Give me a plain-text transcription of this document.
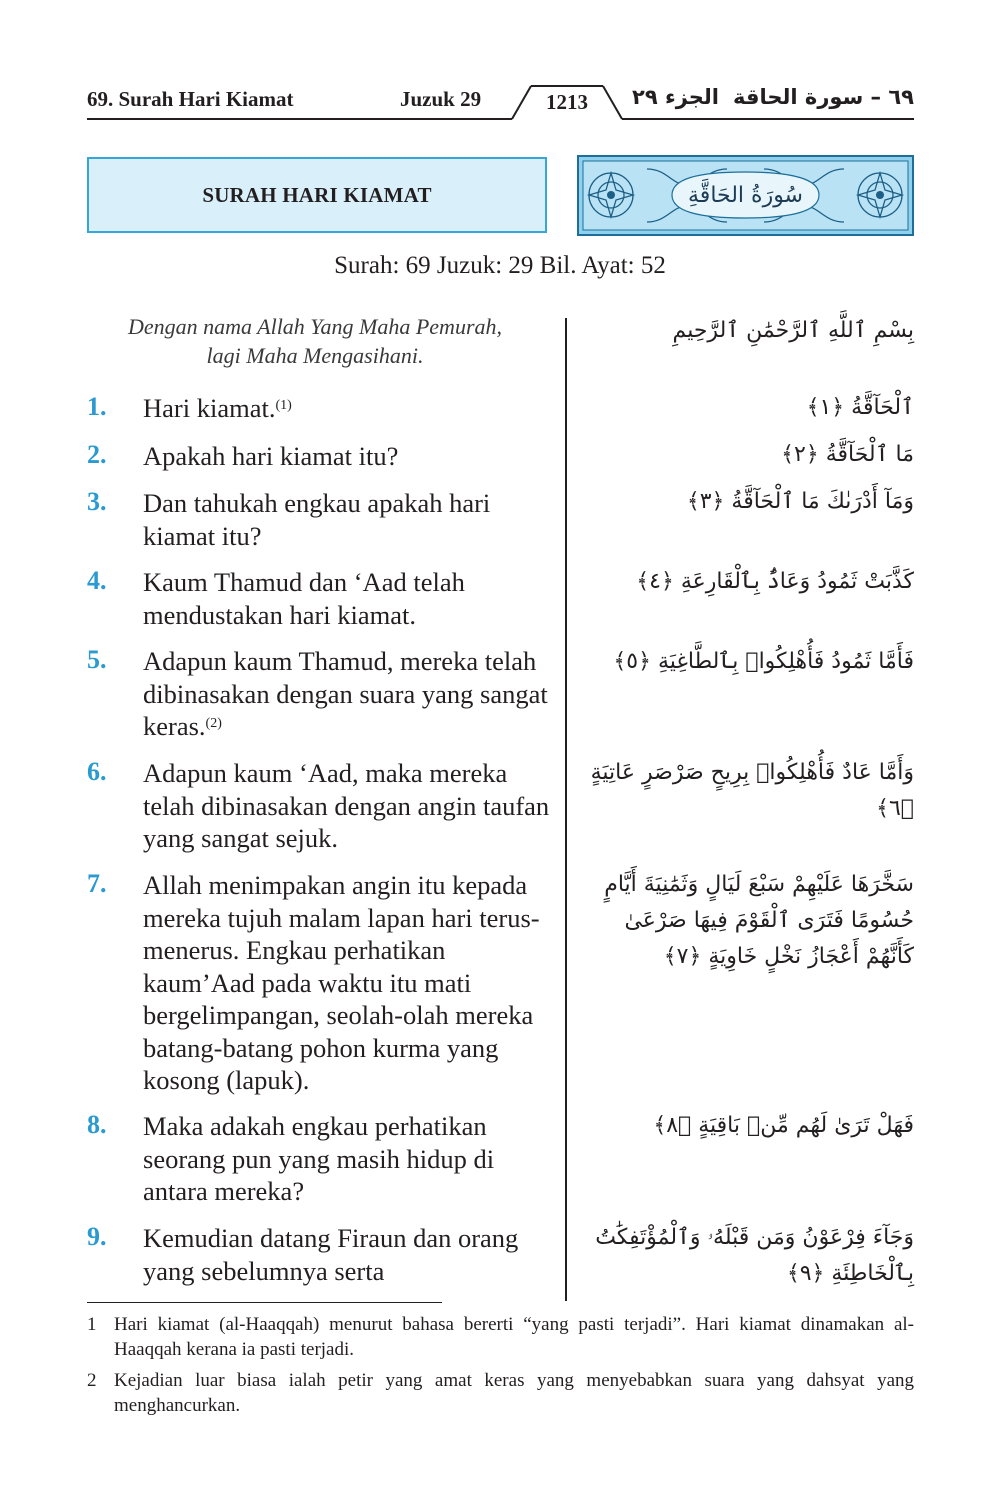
69. Surah Hari Kiamat	Juzuk 29	1213	الجزء ٢٩ ٦٩ – سورة الحاقة
SURAH HARI KIAMAT	سُورَةُ الحَاقَّةِ
Surah: 69 Juzuk: 29 Bil. Ayat: 52
Dengan nama Allah Yang Maha Pemurah,
lagi Maha Mengasihani.
بِسْمِ ٱللَّهِ ٱلرَّحْمَٰنِ ٱلرَّحِيمِ
1.	Hari kiamat.$^{(1)}$	ٱلْحَآقَّةُ ﴿١﴾
2.	Apakah hari kiamat itu?	مَا ٱلْحَآقَّةُ ﴿٢﴾
3.	Dan tahukah engkau apakah hari kiamat itu?
وَمَآ أَدْرَىٰكَ مَا ٱلْحَآقَّةُ ﴿٣﴾
4.	Kaum Thamud dan ‘Aad telah mendustakan hari kiamat.
كَذَّبَتْ ثَمُودُ وَعَادٌۢ بِٱلْقَارِعَةِ ﴿٤﴾
5.	Adapun kaum Thamud, mereka telah dibinasakan dengan suara yang sangat keras.$^{(2)}$
فَأَمَّا ثَمُودُ فَأُهْلِكُوا۟ بِٱلطَّاغِيَةِ ﴿٥﴾
6.	Adapun kaum ‘Aad, maka mereka telah dibinasakan dengan angin taufan yang sangat sejuk.
وَأَمَّا عَادٌ فَأُهْلِكُوا۟ بِرِيحٍ صَرْصَرٍ عَاتِيَةٍ ﴿٦﴾
7.	Allah menimpakan angin itu kepada mereka tujuh malam lapan hari terus-menerus. Engkau perhatikan kaum’Aad pada waktu itu mati bergelimpangan, seolah-olah mereka batang-batang pohon kurma yang kosong (lapuk).
سَخَّرَهَا عَلَيْهِمْ سَبْعَ لَيَالٍ وَثَمَٰنِيَةَ أَيَّامٍ حُسُومًا فَتَرَى ٱلْقَوْمَ فِيهَا صَرْعَىٰ كَأَنَّهُمْ أَعْجَازُ نَخْلٍ خَاوِيَةٍ ﴿٧﴾
8.	Maka adakah engkau perhatikan seorang pun yang masih hidup di antara mereka?
فَهَلْ تَرَىٰ لَهُم مِّنۢ بَاقِيَةٍ ﴿٨﴾
9.	Kemudian datang Firaun dan orang yang sebelumnya serta
وَجَآءَ فِرْعَوْنُ وَمَن قَبْلَهُۥ وَٱلْمُؤْتَفِكَٰتُ بِٱلْخَاطِئَةِ ﴿٩﴾
1 Hari kiamat (al-Haaqqah) menurut bahasa bererti “yang pasti terjadi”. Hari kiamat dinamakan al-Haaqqah kerana ia pasti terjadi.
2 Kejadian luar biasa ialah petir yang amat keras yang menyebabkan suara yang dahsyat yang menghancurkan.
